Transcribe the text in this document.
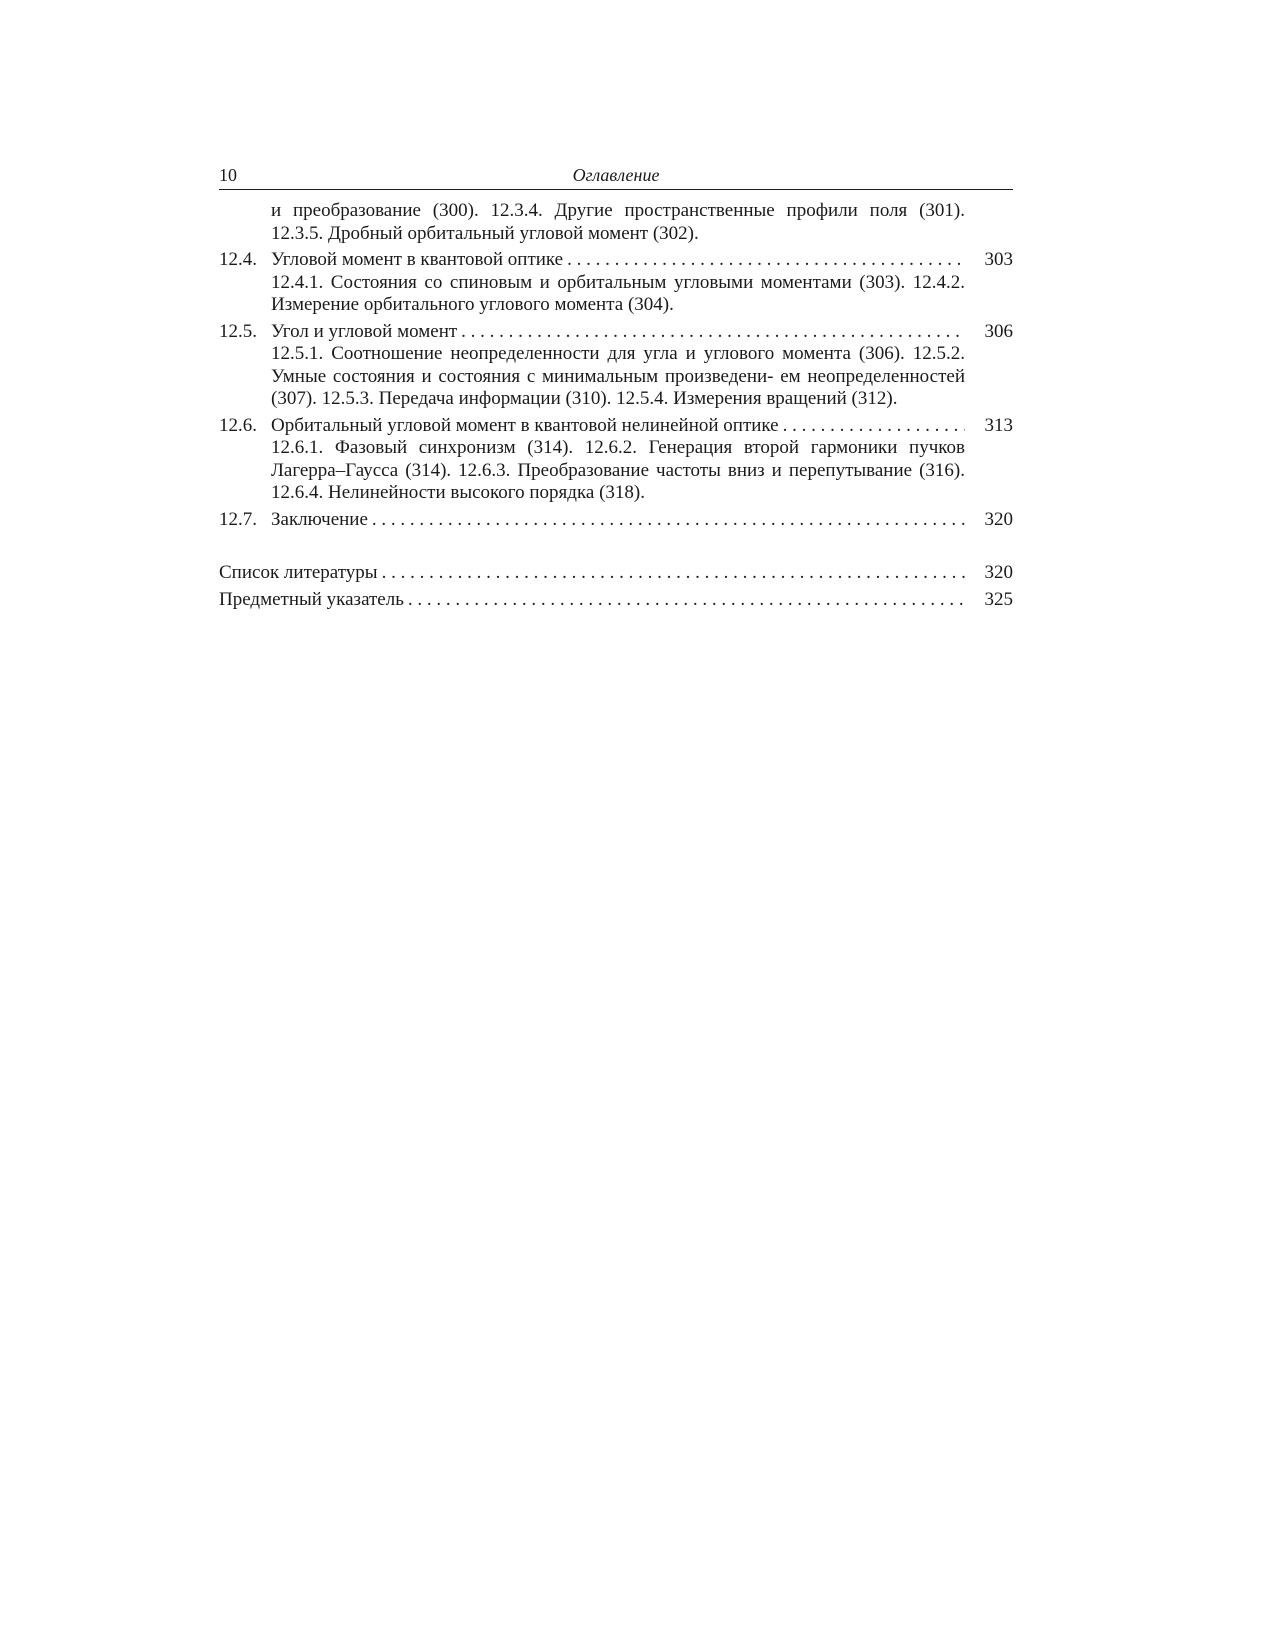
10	Оглавление
и преобразование (300). 12.3.4. Другие пространственные профили поля (301). 12.3.5. Дробный орбитальный угловой момент (302).
12.4. Угловой момент в квантовой оптике . . .	303
12.4.1. Состояния со спиновым и орбитальным угловыми моментами (303). 12.4.2. Измерение орбитального углового момента (304).
12.5. Угол и угловой момент . . .	306
12.5.1. Соотношение неопределенности для угла и углового момента (306). 12.5.2. Умные состояния и состояния с минимальным произведени- ем неопределенностей (307). 12.5.3. Передача информации (310). 12.5.4. Измерения вращений (312).
12.6. Орбитальный угловой момент в квантовой нелинейной оптике . . .	313
12.6.1. Фазовый синхронизм (314). 12.6.2. Генерация второй гармоники пучков Лагерра–Гаусса (314). 12.6.3. Преобразование частоты вниз и перепутывание (316). 12.6.4. Нелинейности высокого порядка (318).
12.7. Заключение . . .	320
Список литературы . . .	320
Предметный указатель . . .	325
